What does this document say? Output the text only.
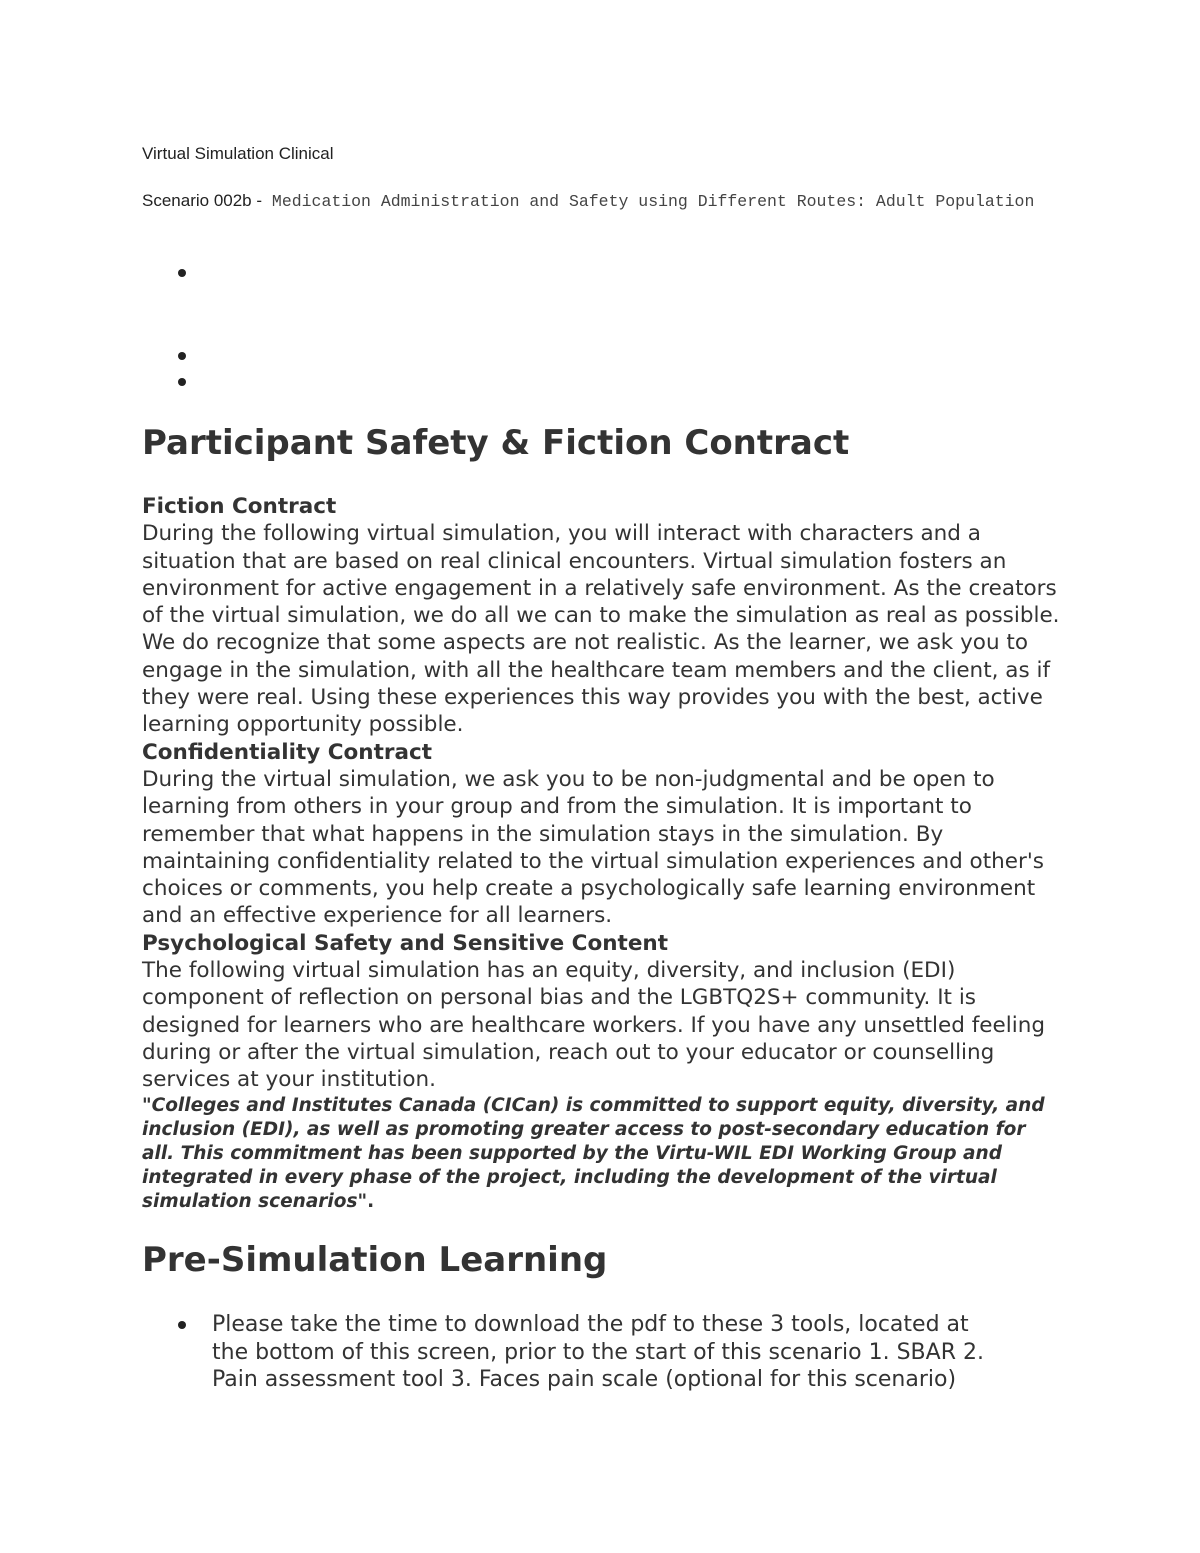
Virtual Simulation Clinical
Scenario 002b - Medication Administration and Safety using Different Routes: Adult Population
Participant Safety & Fiction Contract
Fiction Contract

During the following virtual simulation, you will interact with characters and a situation that are based on real clinical encounters. Virtual simulation fosters an environment for active engagement in a relatively safe environment. As the creators of the virtual simulation, we do all we can to make the simulation as real as possible. We do recognize that some aspects are not realistic. As the learner, we ask you to engage in the simulation, with all the healthcare team members and the client, as if they were real. Using these experiences this way provides you with the best, active learning opportunity possible.

Confidentiality Contract

During the virtual simulation, we ask you to be non-judgmental and be open to learning from others in your group and from the simulation. It is important to remember that what happens in the simulation stays in the simulation. By maintaining confidentiality related to the virtual simulation experiences and other's choices or comments, you help create a psychologically safe learning environment and an effective experience for all learners.

Psychological Safety and Sensitive Content

The following virtual simulation has an equity, diversity, and inclusion (EDI) component of reflection on personal bias and the LGBTQ2S+ community. It is designed for learners who are healthcare workers. If you have any unsettled feeling during or after the virtual simulation, reach out to your educator or counselling services at your institution.

"Colleges and Institutes Canada (CICan) is committed to support equity, diversity, and inclusion (EDI), as well as promoting greater access to post-secondary education for all. This commitment has been supported by the Virtu-WIL EDI Working Group and integrated in every phase of the project, including the development of the virtual simulation scenarios".

Pre-Simulation Learning
Please take the time to download the pdf to these 3 tools, located at the bottom of this screen, prior to the start of this scenario 1. SBAR 2. Pain assessment tool 3. Faces pain scale (optional for this scenario)
